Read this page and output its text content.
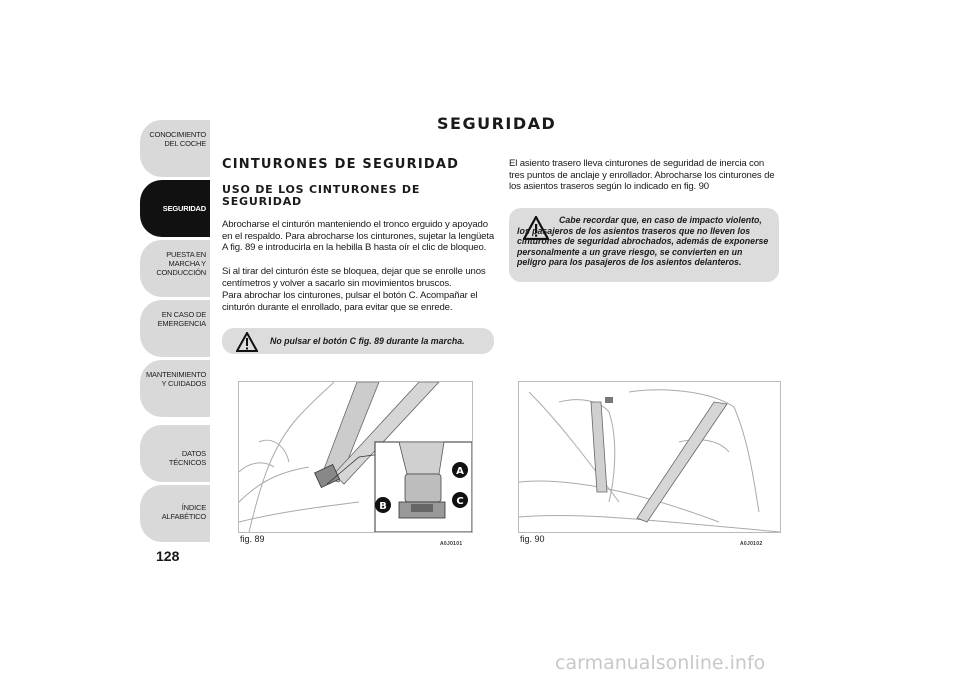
CONOCIMIENTO DEL COCHE
SEGURIDAD
PUESTA EN MARCHA Y CONDUCCIÓN
EN CASO DE EMERGENCIA
MANTENIMIENTO Y CUIDADOS
DATOS TÉCNICOS
ÍNDICE ALFABÉTICO
128
SEGURIDAD
CINTURONES DE SEGURIDAD
USO DE LOS CINTURONES DE SEGURIDAD
Abrocharse el cinturón manteniendo el tronco erguido y apoyado en el respaldo. Para abrocharse los cinturones, sujetar la lengüeta A fig. 89 e introducirla en la hebilla B hasta oír el clic de bloqueo.
Si al tirar del cinturón éste se bloquea, dejar que se enrolle unos centímetros y volver a sacarlo sin movimientos bruscos.
Para abrochar los cinturones, pulsar el botón C. Acompañar el cinturón durante el enrollado, para evitar que se enrede.
No pulsar el botón C fig. 89 durante la marcha.
El asiento trasero lleva cinturones de seguridad de inercia con tres puntos de anclaje y enrollador. Abrocharse los cinturones de los asientos traseros según lo indicado en fig. 90
Cabe recordar que, en caso de impacto violento, los pasajeros de los asientos traseros que no lleven los cinturones de seguridad abrochados, además de exponerse personalmente a un grave riesgo, se convierten en un peligro para los pasajeros de los asientos delanteros.
A
B	C
fig. 89	A0J0101	fig. 90	A0J0102
carmanualsonline.info
